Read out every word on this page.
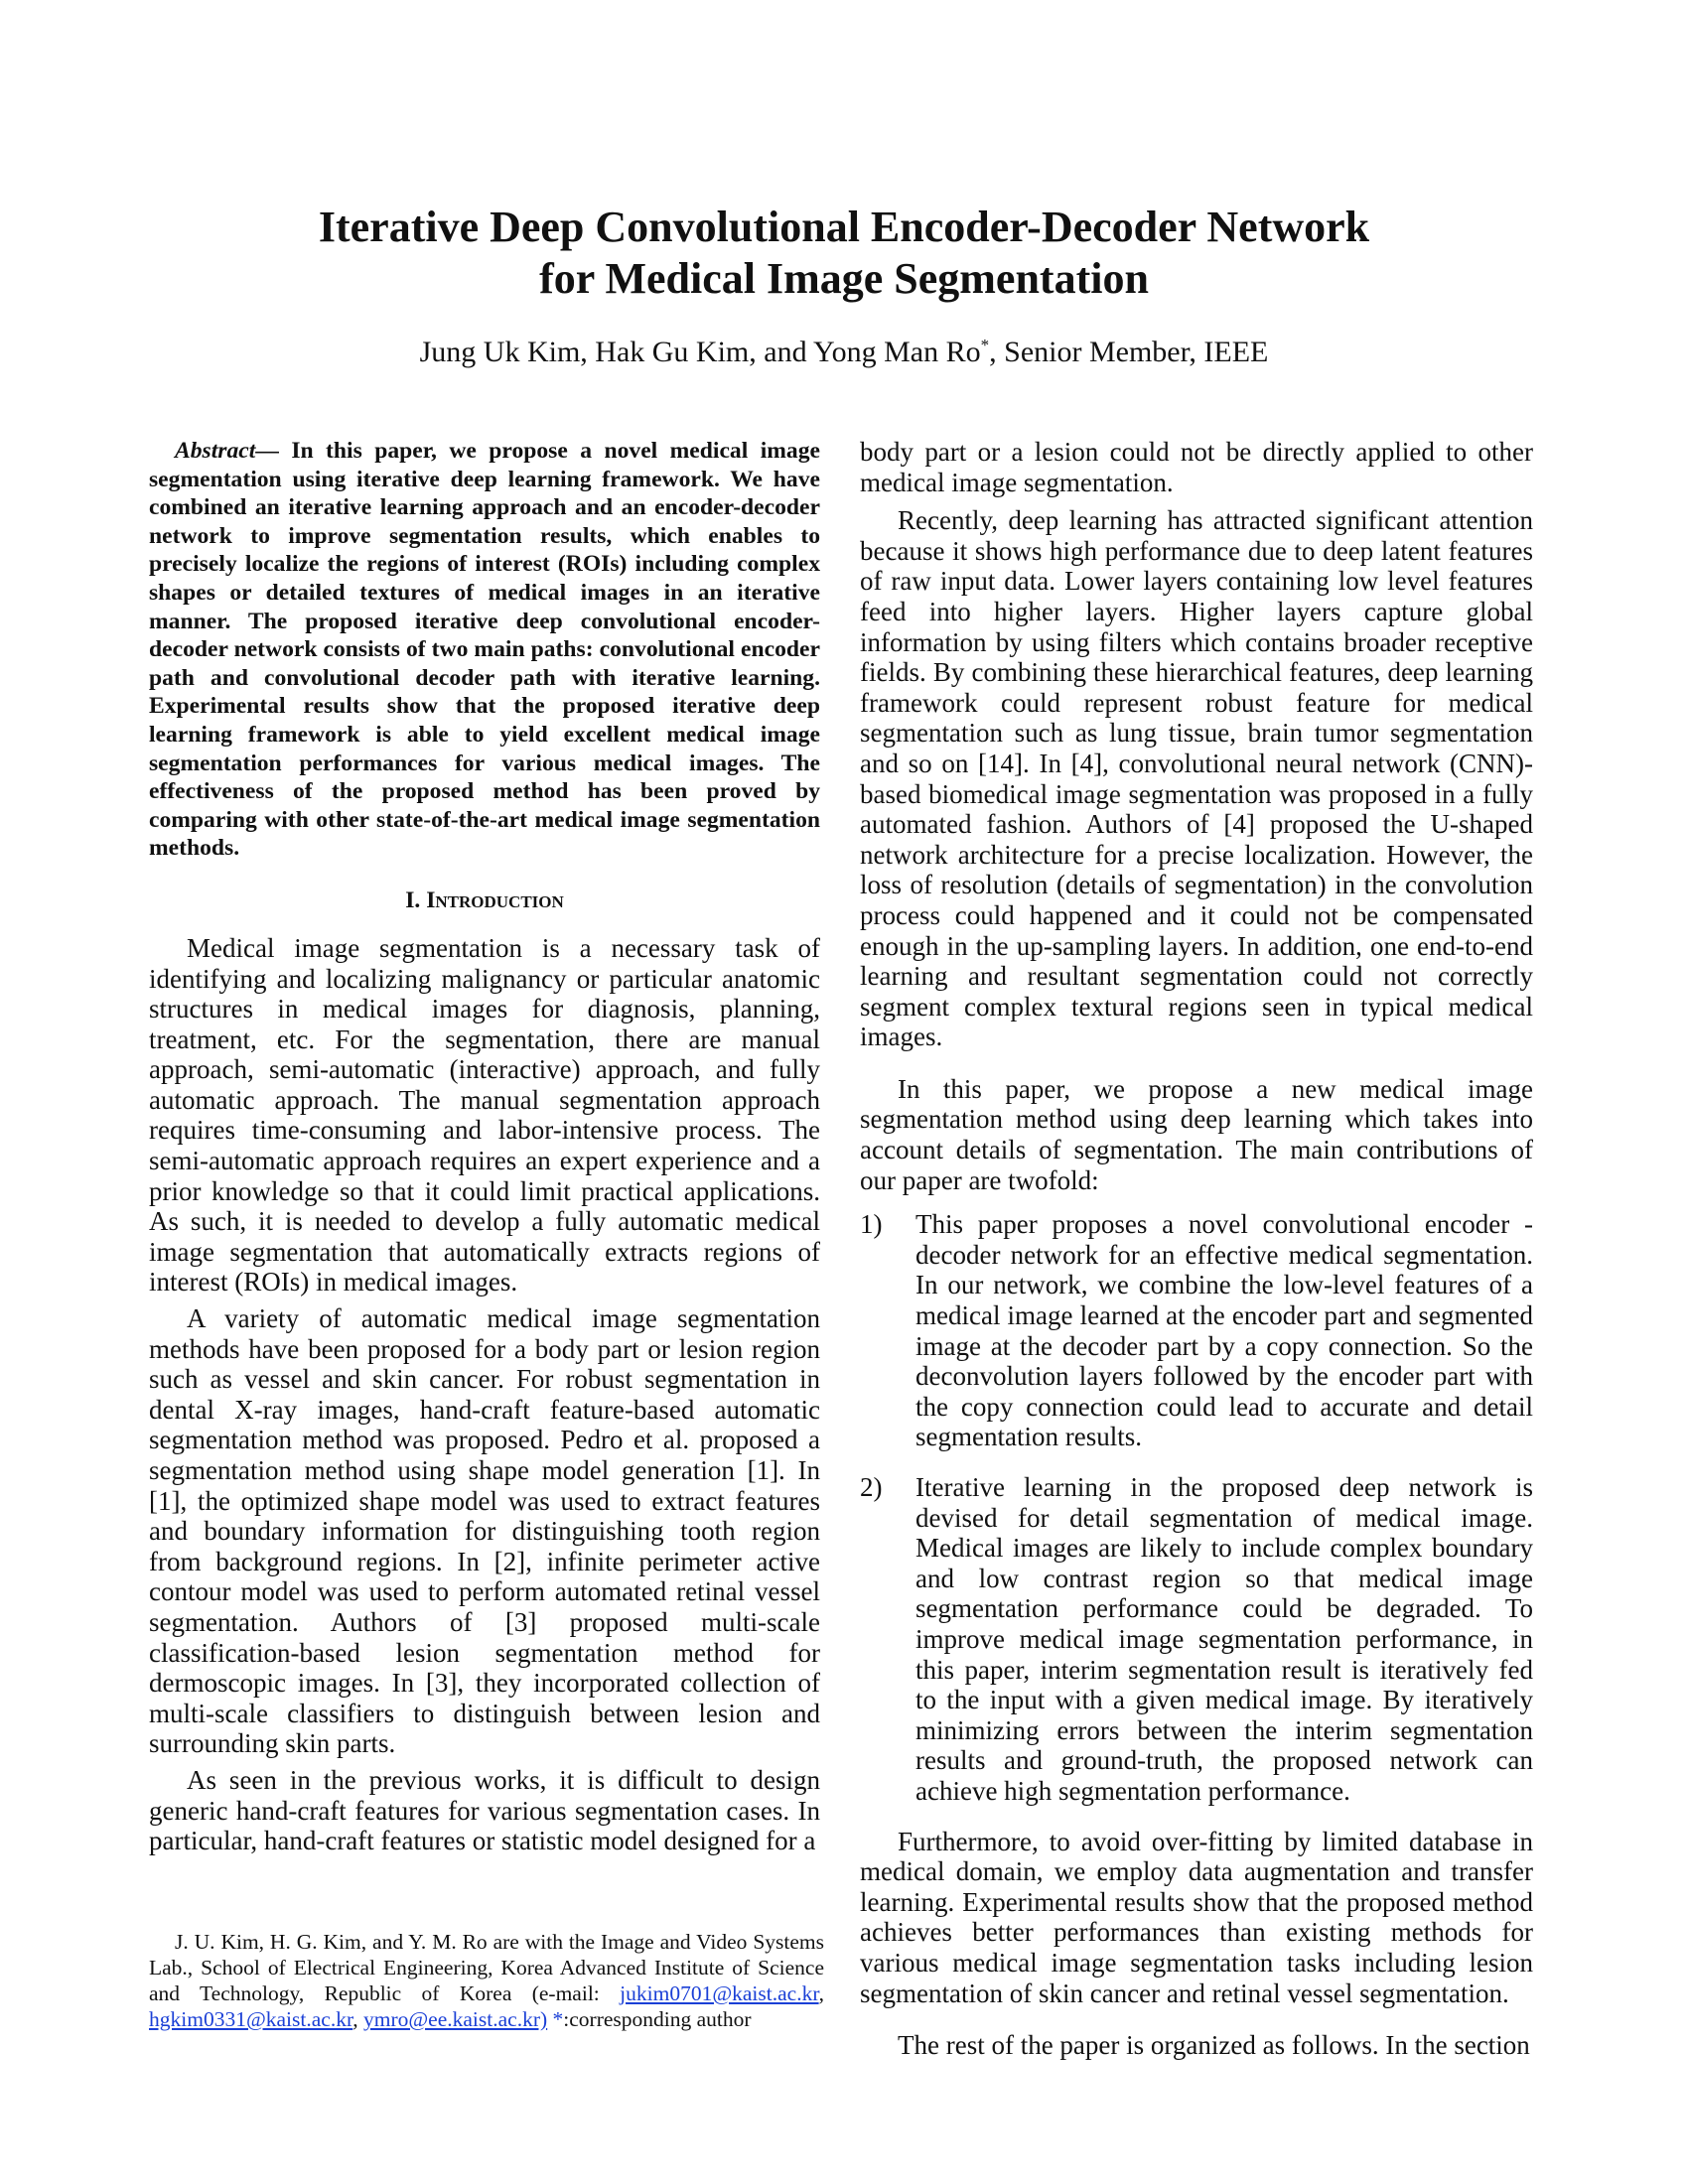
Iterative Deep Convolutional Encoder-Decoder Network
for Medical Image Segmentation

Jung Uk Kim, Hak Gu Kim, and Yong Man Ro*, Senior Member, IEEE

Abstract— In this paper, we propose a novel medical image segmentation using iterative deep learning framework. We have combined an iterative learning approach and an encoder-decoder network to improve segmentation results, which enables to precisely localize the regions of interest (ROIs) including complex shapes or detailed textures of medical images in an iterative manner. The proposed iterative deep convolutional encoder-decoder network consists of two main paths: convolutional encoder path and convolutional decoder path with iterative learning. Experimental results show that the proposed iterative deep learning framework is able to yield excellent medical image segmentation performances for various medical images. The effectiveness of the proposed method has been proved by comparing with other state-of-the-art medical image segmentation methods.

I. Introduction

Medical image segmentation is a necessary task of identifying and localizing malignancy or particular anatomic structures in medical images for diagnosis, planning, treatment, etc. For the segmentation, there are manual approach, semi-automatic (interactive) approach, and fully automatic approach. The manual segmentation approach requires time-consuming and labor-intensive process. The semi-automatic approach requires an expert experience and a prior knowledge so that it could limit practical applications. As such, it is needed to develop a fully automatic medical image segmentation that automatically extracts regions of interest (ROIs) in medical images.

A variety of automatic medical image segmentation methods have been proposed for a body part or lesion region such as vessel and skin cancer. For robust segmentation in dental X-ray images, hand-craft feature-based automatic segmentation method was proposed. Pedro et al. proposed a segmentation method using shape model generation [1]. In [1], the optimized shape model was used to extract features and boundary information for distinguishing tooth region from background regions. In [2], infinite perimeter active contour model was used to perform automated retinal vessel segmentation. Authors of [3] proposed multi-scale classification-based lesion segmentation method for dermoscopic images. In [3], they incorporated collection of multi-scale classifiers to distinguish between lesion and surrounding skin parts.

As seen in the previous works, it is difficult to design generic hand-craft features for various segmentation cases. In particular, hand-craft features or statistic model designed for a

body part or a lesion could not be directly applied to other medical image segmentation.

Recently, deep learning has attracted significant attention because it shows high performance due to deep latent features of raw input data. Lower layers containing low level features feed into higher layers. Higher layers capture global information by using filters which contains broader receptive fields. By combining these hierarchical features, deep learning framework could represent robust feature for medical segmentation such as lung tissue, brain tumor segmentation and so on [14]. In [4], convolutional neural network (CNN)-based biomedical image segmentation was proposed in a fully automated fashion. Authors of [4] proposed the U-shaped network architecture for a precise localization. However, the loss of resolution (details of segmentation) in the convolution process could happened and it could not be compensated enough in the up-sampling layers. In addition, one end-to-end learning and resultant segmentation could not correctly segment complex textural regions seen in typical medical images.

In this paper, we propose a new medical image segmentation method using deep learning which takes into account details of segmentation. The main contributions of our paper are twofold:

1) This paper proposes a novel convolutional encoder -decoder network for an effective medical segmentation. In our network, we combine the low-level features of a medical image learned at the encoder part and segmented image at the decoder part by a copy connection. So the deconvolution layers followed by the encoder part with the copy connection could lead to accurate and detail segmentation results.
2) Iterative learning in the proposed deep network is devised for detail segmentation of medical image. Medical images are likely to include complex boundary and low contrast region so that medical image segmentation performance could be degraded. To improve medical image segmentation performance, in this paper, interim segmentation result is iteratively fed to the input with a given medical image. By iteratively minimizing errors between the interim segmentation results and ground-truth, the proposed network can achieve high segmentation performance.

Furthermore, to avoid over-fitting by limited database in medical domain, we employ data augmentation and transfer learning. Experimental results show that the proposed method achieves better performances than existing methods for various medical image segmentation tasks including lesion segmentation of skin cancer and retinal vessel segmentation.

The rest of the paper is organized as follows. In the section

J. U. Kim, H. G. Kim, and Y. M. Ro are with the Image and Video Systems Lab., School of Electrical Engineering, Korea Advanced Institute of Science and Technology, Republic of Korea (e-mail: jukim0701@kaist.ac.kr, hgkim0331@kaist.ac.kr, ymro@ee.kaist.ac.kr) *:corresponding author
